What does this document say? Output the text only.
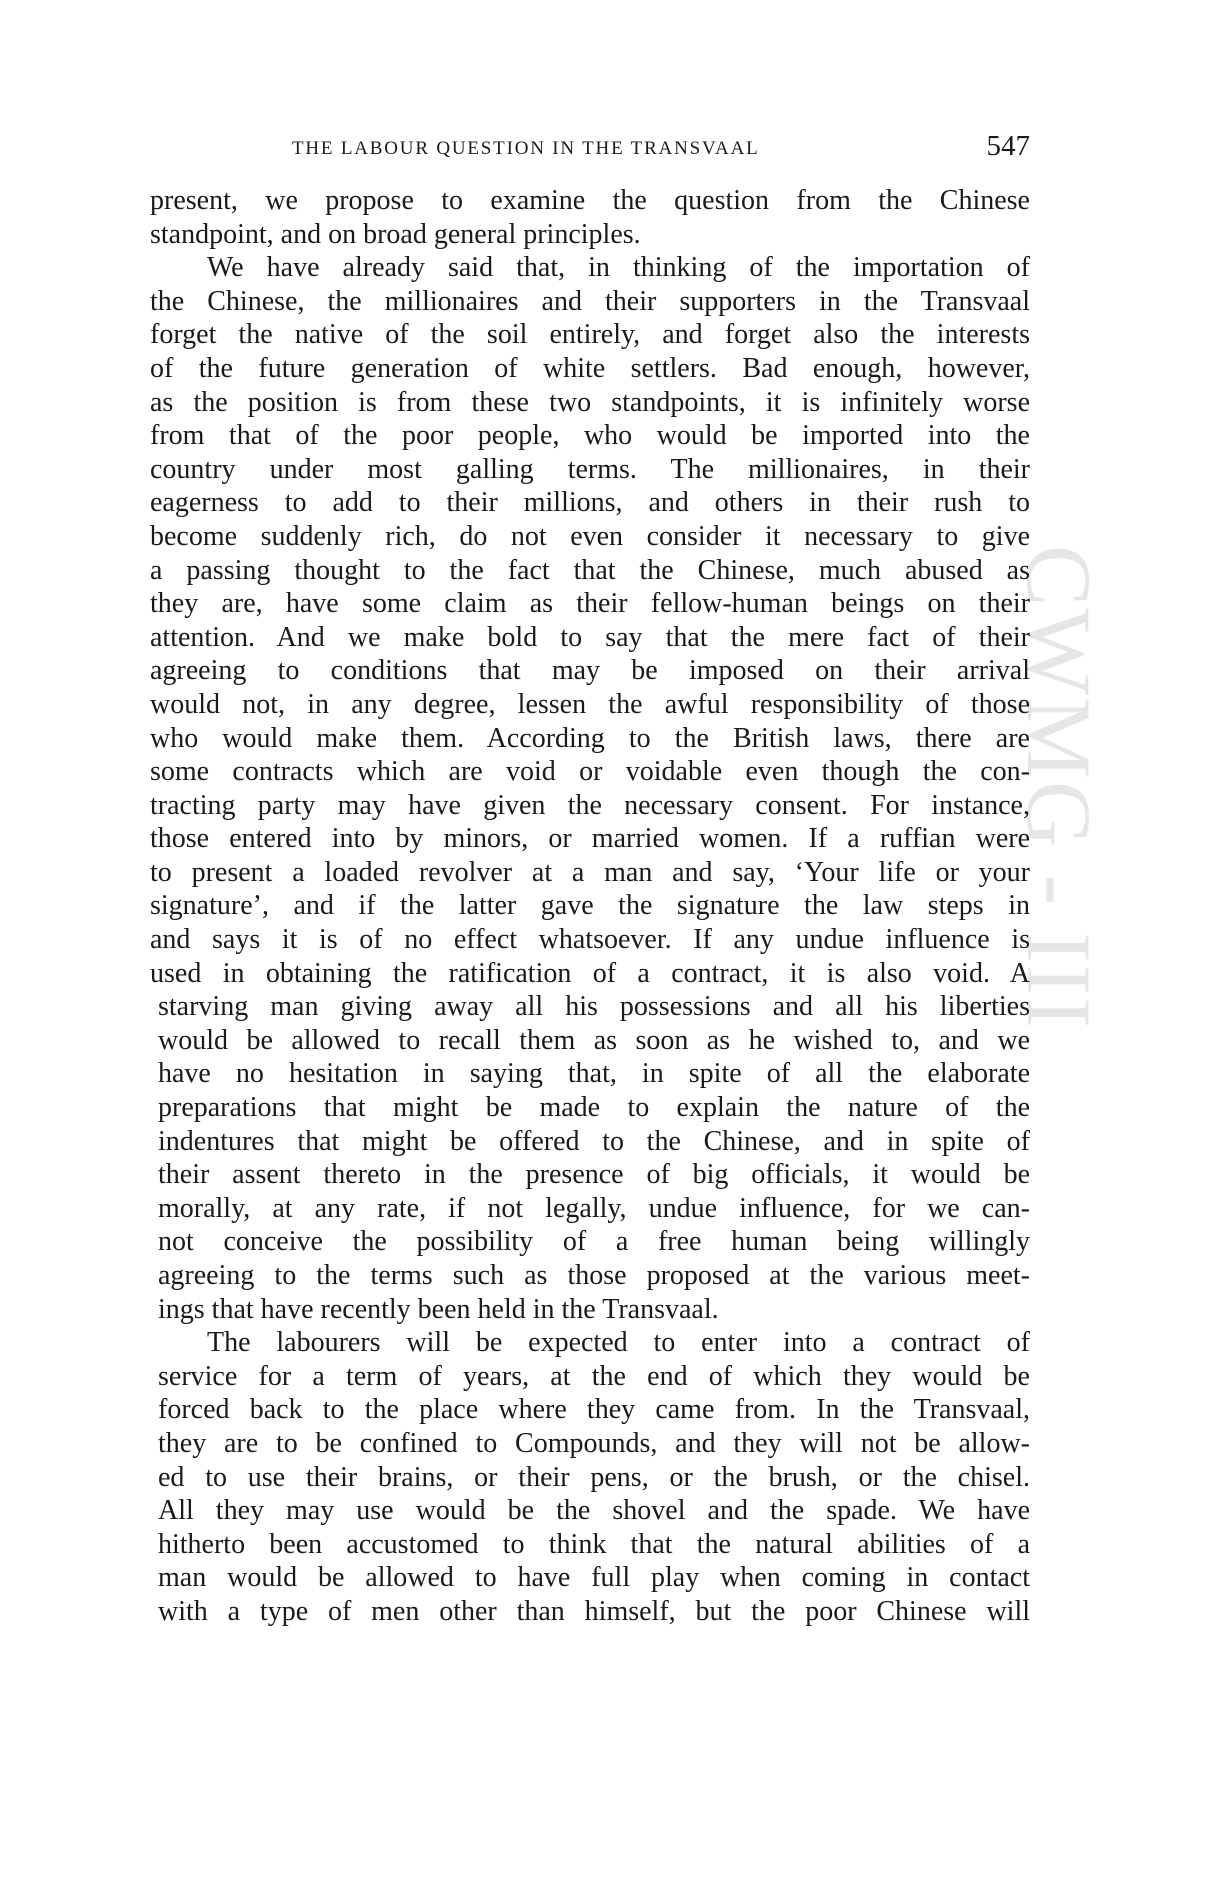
THE LABOUR QUESTION IN THE TRANSVAAL	547
CWMG - III
present, we propose to examine the question from the Chinese
standpoint, and on broad general principles.
We have already said that, in thinking of the importation of
the Chinese, the millionaires and their supporters in the Transvaal
forget the native of the soil entirely, and forget also the interests
of the future generation of white settlers. Bad enough, however,
as the position is from these two standpoints, it is infinitely worse
from that of the poor people, who would be imported into the
country under most galling terms. The millionaires, in their
eagerness to add to their millions, and others in their rush to
become suddenly rich, do not even consider it necessary to give
a passing thought to the fact that the Chinese, much abused as
they are, have some claim as their fellow-human beings on their
attention. And we make bold to say that the mere fact of their
agreeing to conditions that may be imposed on their arrival
would not, in any degree, lessen the awful responsibility of those
who would make them. According to the British laws, there are
some contracts which are void or voidable even though the con-
tracting party may have given the necessary consent. For instance,
those entered into by minors, or married women. If a ruffian were
to present a loaded revolver at a man and say, ‘Your life or your
signature’, and if the latter gave the signature the law steps in
and says it is of no effect whatsoever. If any undue influence is
used in obtaining the ratification of a contract, it is also void. A
starving man giving away all his possessions and all his liberties
would be allowed to recall them as soon as he wished to, and we
have no hesitation in saying that, in spite of all the elaborate
preparations that might be made to explain the nature of the
indentures that might be offered to the Chinese, and in spite of
their assent thereto in the presence of big officials, it would be
morally, at any rate, if not legally, undue influence, for we can-
not conceive the possibility of a free human being willingly
agreeing to the terms such as those proposed at the various meet-
ings that have recently been held in the Transvaal.
The labourers will be expected to enter into a contract of
service for a term of years, at the end of which they would be
forced back to the place where they came from. In the Transvaal,
they are to be confined to Compounds, and they will not be allow-
ed to use their brains, or their pens, or the brush, or the chisel.
All they may use would be the shovel and the spade. We have
hitherto been accustomed to think that the natural abilities of a
man would be allowed to have full play when coming in contact
with a type of men other than himself, but the poor Chinese will
